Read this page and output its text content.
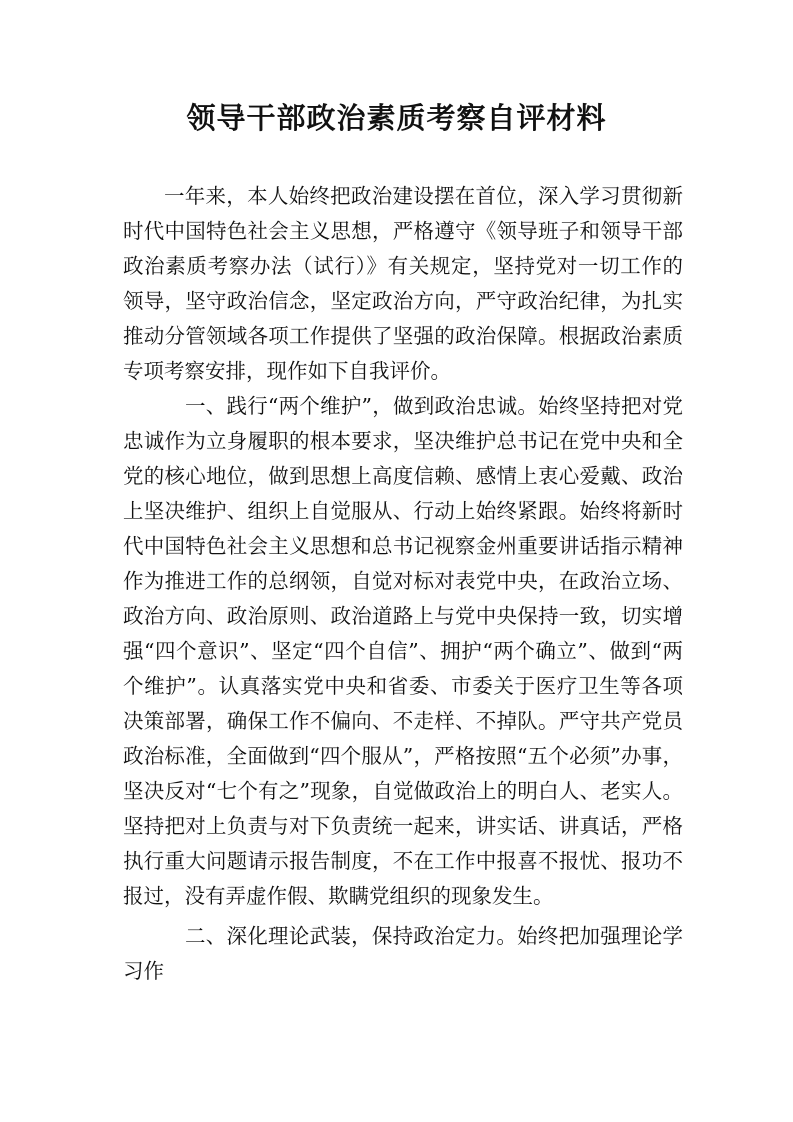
领导干部政治素质考察自评材料

一年来，本人始终把政治建设摆在首位，深入学习贯彻新时代中国特色社会主义思想，严格遵守《领导班子和领导干部政治素质考察办法（试行）》有关规定，坚持党对一切工作的领导，坚守政治信念，坚定政治方向，严守政治纪律，为扎实推动分管领域各项工作提供了坚强的政治保障。根据政治素质专项考察安排，现作如下自我评价。

一、践行“两个维护”，做到政治忠诚。始终坚持把对党忠诚作为立身履职的根本要求，坚决维护总书记在党中央和全党的核心地位，做到思想上高度信赖、感情上衷心爱戴、政治上坚决维护、组织上自觉服从、行动上始终紧跟。始终将新时代中国特色社会主义思想和总书记视察金州重要讲话指示精神作为推进工作的总纲领，自觉对标对表党中央，在政治立场、政治方向、政治原则、政治道路上与党中央保持一致，切实增强“四个意识”、坚定“四个自信”、拥护“两个确立”、做到“两个维护”。认真落实党中央和省委、市委关于医疗卫生等各项决策部署，确保工作不偏向、不走样、不掉队。严守共产党员政治标准，全面做到“四个服从”，严格按照“五个必须”办事，坚决反对“七个有之”现象，自觉做政治上的明白人、老实人。坚持把对上负责与对下负责统一起来，讲实话、讲真话，严格执行重大问题请示报告制度，不在工作中报喜不报忧、报功不报过，没有弄虚作假、欺瞒党组织的现象发生。

二、深化理论武装，保持政治定力。始终把加强理论学习作
